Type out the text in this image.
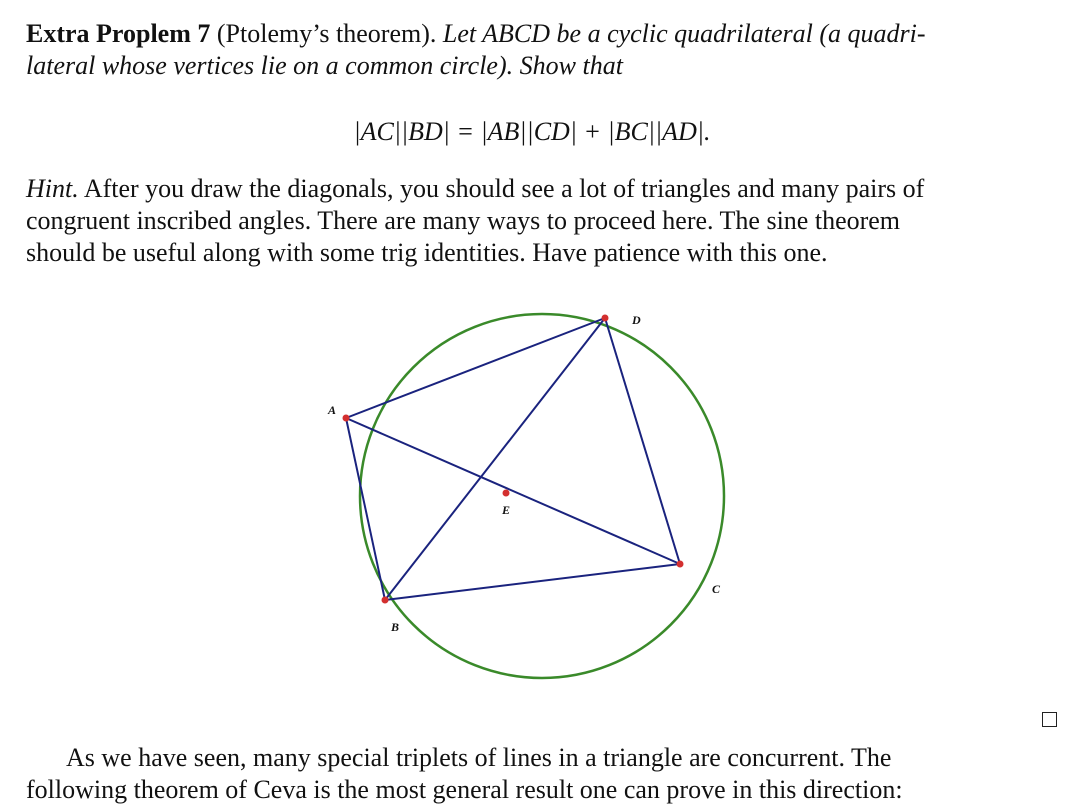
Extra Proplem 7 (Ptolemy’s theorem). Let ABCD be a cyclic quadrilateral (a quadri-
lateral whose vertices lie on a common circle). Show that

|AC||BD| = |AB||CD| + |BC||AD|.

Hint. After you draw the diagonals, you should see a lot of triangles and many pairs of

congruent inscribed angles. There are many ways to proceed here. The sine theorem

should be useful along with some trig identities. Have patience with this one.

A
B
C
D
E

As we have seen, many special triplets of lines in a triangle are concurrent. The

following theorem of Ceva is the most general result one can prove in this direction:
